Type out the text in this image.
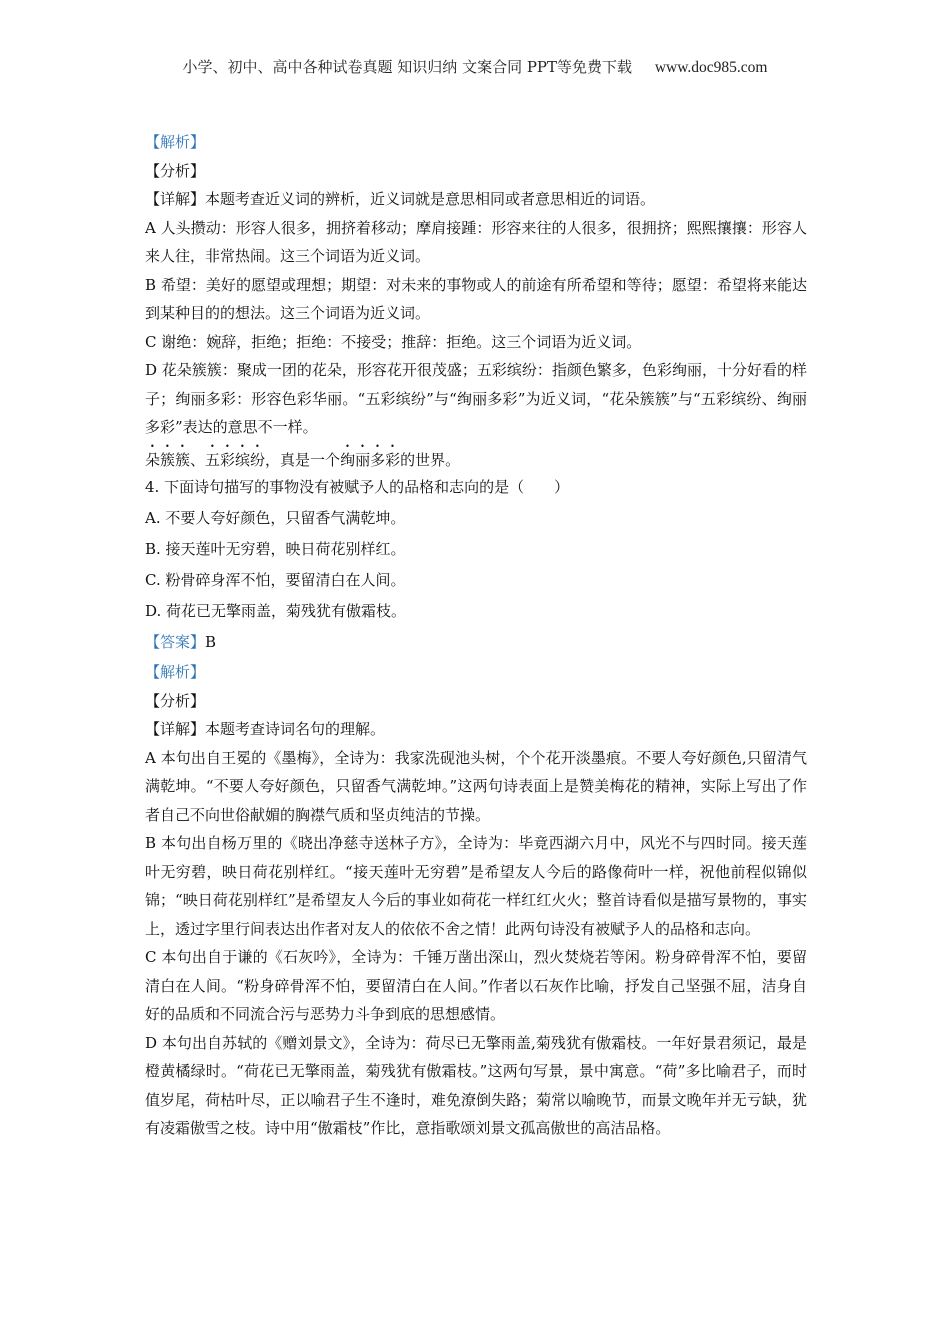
小学、初中、高中各种试卷真题 知识归纳 文案合同 PPT等免费下载 www.doc985.com
【解析】
【分析】
【详解】本题考查近义词的辨析，近义词就是意思相同或者意思相近的词语。
A 人头攒动：形容人很多，拥挤着移动；摩肩接踵：形容来往的人很多，很拥挤；熙熙攘攘：形容人来人往，非常热闹。这三个词语为近义词。
B 希望：美好的愿望或理想；期望：对未来的事物或人的前途有所希望和等待；愿望：希望将来能达到某种目的的想法。这三个词语为近义词。
C 谢绝：婉辞，拒绝；拒绝：不接受；推辞：拒绝。这三个词语为近义词。
D 花朵簇簇：聚成一团的花朵，形容花开很茂盛；五彩缤纷：指颜色繁多，色彩绚丽，十分好看的样子；绚丽多彩：形容色彩华丽。“五彩缤纷”与“绚丽多彩”为近义词，“花朵簇簇”与“五彩缤纷、绚丽多彩”表达的意思不一样。
朵簇簇、五彩缤纷，真是一个绚丽多彩的世界。
4. 下面诗句描写的事物没有被赋予人的品格和志向的是（　　）
A. 不要人夸好颜色，只留香气满乾坤。
B. 接天莲叶无穷碧，映日荷花别样红。
C. 粉骨碎身浑不怕，要留清白在人间。
D. 荷花已无擎雨盖，菊残犹有傲霜枝。
【答案】B
【解析】
【分析】
【详解】本题考查诗词名句的理解。
A 本句出自王冕的《墨梅》，全诗为：我家洗砚池头树，个个花开淡墨痕。不要人夸好颜色,只留清气满乾坤。“不要人夸好颜色，只留香气满乾坤。”这两句诗表面上是赞美梅花的精神，实际上写出了作者自己不向世俗献媚的胸襟气质和坚贞纯洁的节操。
B 本句出自杨万里的《晓出净慈寺送林子方》，全诗为：毕竟西湖六月中，风光不与四时同。接天莲叶无穷碧，映日荷花别样红。“接天莲叶无穷碧”是希望友人今后的路像荷叶一样，祝他前程似锦似锦；“映日荷花别样红”是希望友人今后的事业如荷花一样红红火火；整首诗看似是描写景物的，事实上，透过字里行间表达出作者对友人的依依不舍之情！此两句诗没有被赋予人的品格和志向。
C 本句出自于谦的《石灰吟》，全诗为：千锤万凿出深山，烈火焚烧若等闲。粉身碎骨浑不怕，要留清白在人间。“粉身碎骨浑不怕，要留清白在人间。”作者以石灰作比喻，抒发自己坚强不屈，洁身自好的品质和不同流合污与恶势力斗争到底的思想感情。
D 本句出自苏轼的《赠刘景文》，全诗为：荷尽已无擎雨盖,菊残犹有傲霜枝。一年好景君须记，最是橙黄橘绿时。“荷花已无擎雨盖，菊残犹有傲霜枝。”这两句写景，景中寓意。“荷”多比喻君子，而时值岁尾，荷枯叶尽，正以喻君子生不逢时，难免潦倒失路；菊常以喻晚节，而景文晚年并无亏缺，犹有凌霜傲雪之枝。诗中用“傲霜枝”作比，意指歌颂刘景文孤高傲世的高洁品格。
